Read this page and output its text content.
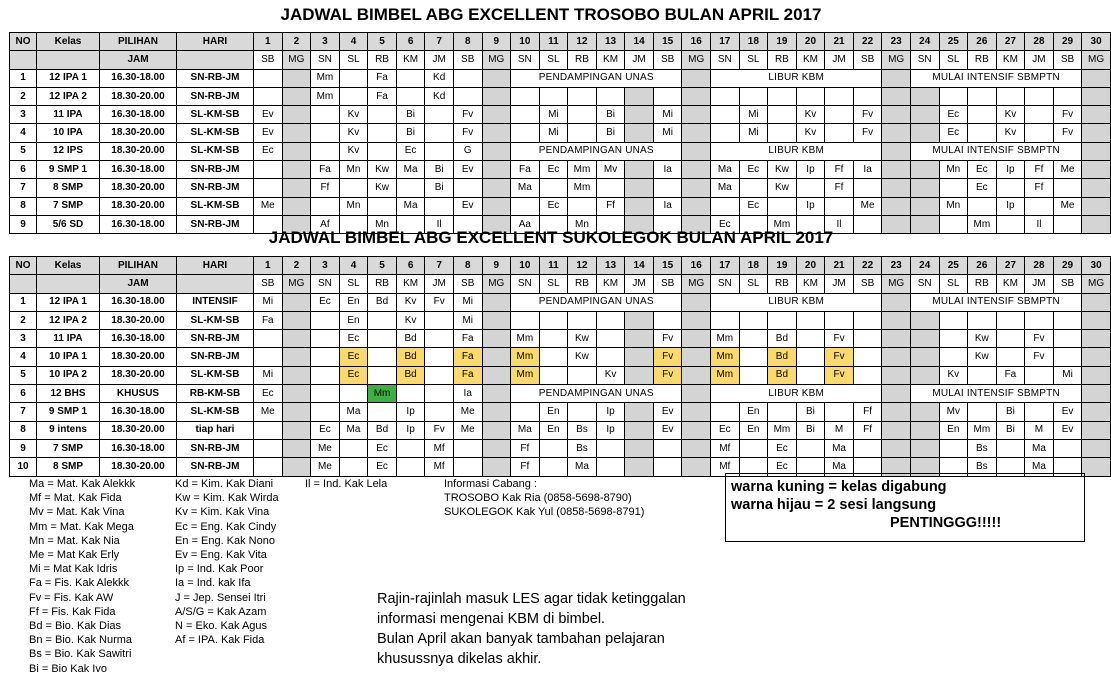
JADWAL BIMBEL ABG EXCELLENT TROSOBO BULAN APRIL 2017
NO	Kelas	PILIHAN	HARI	1	2	3	4	5	6	7	8	9	10	11	12	13	14	15	16	17	18	19	20	21	22	23	24	25	26	27	28	29	30
		JAM		SB	MG	SN	SL	RB	KM	JM	SB	MG	SN	SL	RB	KM	JM	SB	MG	SN	SL	RB	KM	JM	SB	MG	SN	SL	RB	KM	JM	SB	MG
1	12 IPA 1	16.30-18.00	SN-RB-JM			Mm		Fa		Kd			PENDAMPINGAN UNAS							LIBUR KBM							MULAI INTENSIF SBMPTN						
2	12 IPA 2	18.30-20.00	SN-RB-JM			Mm		Fa		Kd																							
3	11 IPA	16.30-18.00	SL-KM-SB	Ev			Kv		Bi		Fv			Mi		Bi		Mi			Mi		Kv		Fv			Ec		Kv		Fv	
4	10 IPA	18.30-20.00	SL-KM-SB	Ev			Kv		Bi		Fv			Mi		Bi		Mi			Mi		Kv		Fv			Ec		Kv		Fv	
5	12 IPS	18.30-20.00	SL-KM-SB	Ec			Kv		Ec		G		PENDAMPINGAN UNAS							LIBUR KBM							MULAI INTENSIF SBMPTN						
6	9 SMP 1	16.30-18.00	SN-RB-JM			Fa	Mn	Kw	Ma	Bi	Ev		Fa	Ec	Mm	Mv		Ia		Ma	Ec	Kw	Ip	Ff	Ia			Mn	Ec	Ip	Ff	Me	
7	8 SMP	18.30-20.00	SN-RB-JM			Ff		Kw		Bi			Ma		Mm					Ma		Kw		Ff					Ec		Ff		
8	7 SMP	18.30-20.00	SL-KM-SB	Me			Mn		Ma		Ev			Ec		Ff		Ia			Ec		Ip		Me			Mn		Ip		Me	
9	5/6 SD	16.30-18.00	SN-RB-JM			Af		Mn		Il			Aa		Mn					Ec		Mm		Il					Mm		Il		
JADWAL BIMBEL ABG EXCELLENT SUKOLEGOK BULAN APRIL 2017
NO	Kelas	PILIHAN	HARI	1	2	3	4	5	6	7	8	9	10	11	12	13	14	15	16	17	18	19	20	21	22	23	24	25	26	27	28	29	30
		JAM		SB	MG	SN	SL	RB	KM	JM	SB	MG	SN	SL	RB	KM	JM	SB	MG	SN	SL	RB	KM	JM	SB	MG	SN	SL	RB	KM	JM	SB	MG
1	12 IPA 1	16.30-18.00	INTENSIF	Mi		Ec	En	Bd	Kv	Fv	Mi		PENDAMPINGAN UNAS							LIBUR KBM							MULAI INTENSIF SBMPTN						
2	12 IPA 2	18.30-20.00	SL-KM-SB	Fa			En		Kv		Mi																						
3	11 IPA	16.30-18.00	SN-RB-JM				Ec		Bd		Fa		Mm		Kw			Fv		Mm		Bd		Fv					Kw		Fv		
4	10 IPA 1	18.30-20.00	SN-RB-JM				Ec		Bd		Fa		Mm		Kw			Fv		Mm		Bd		Fv					Kw		Fv		
5	10 IPA 2	18.30-20.00	SL-KM-SB	Mi			Ec		Bd		Fa		Mm			Kv		Fv		Mm		Bd		Fv				Kv		Fa		Mi	
6	12 BHS	KHUSUS	RB-KM-SB	Ec				Mm			Ia		PENDAMPINGAN UNAS							LIBUR KBM							MULAI INTENSIF SBMPTN						
7	9 SMP 1	16.30-18.00	SL-KM-SB	Me			Ma		Ip		Me			En		Ip		Ev			En		Bi		Ff			Mv		Bi		Ev	
8	9 intens	18.30-20.00	tiap hari			Ec	Ma	Bd	Ip	Fv	Me		Ma	En	Bs	Ip		Ev		Ec	En	Mm	Bi	M	Ff			En	Mm	Bi	M	Ev	
9	7 SMP	16.30-18.00	SN-RB-JM			Me		Ec		Mf			Ff		Bs					Mf		Ec		Ma					Bs		Ma		
10	8 SMP	18.30-20.00	SN-RB-JM			Me		Ec		Mf			Ff		Ma					Mf		Ec		Ma					Bs		Ma		
Ma = Mat. Kak Alekkk
Mf = Mat. Kak Fida
Mv = Mat. Kak Vina
Mm = Mat. Kak Mega
Mn = Mat. Kak Nia
Me = Mat Kak Erly
Mi = Mat Kak Idris
Fa = Fis. Kak Alekkk
Fv = Fis. Kak AW
Ff = Fis. Kak Fida
Bd = Bio. Kak Dias
Bn = Bio. Kak Nurma
Bs = Bio. Kak Sawitri
Bi = Bio Kak Ivo
Kd = Kim. Kak Diani
Kw = Kim. Kak Wirda
Kv = Kim. Kak Vina
Ec = Eng. Kak Cindy
En = Eng. Kak Nono
Ev = Eng. Kak Vita
Ip = Ind. Kak Poor
Ia = Ind. kak Ifa
J = Jep. Sensei Itri
A/S/G = Kak Azam
N = Eko. Kak Agus
Af = IPA. Kak Fida
Il = Ind. Kak Lela	Informasi Cabang :
TROSOBO Kak Ria (0858-5698-8790)
SUKOLEGOK Kak Yul (0858-5698-8791)
warna kuning = kelas digabung
warna hijau = 2 sesi langsung
PENTINGGG!!!!!
Rajin-rajinlah masuk LES agar tidak ketinggalan
informasi mengenai KBM di bimbel.
Bulan April akan banyak tambahan pelajaran
khusussnya dikelas akhir.
